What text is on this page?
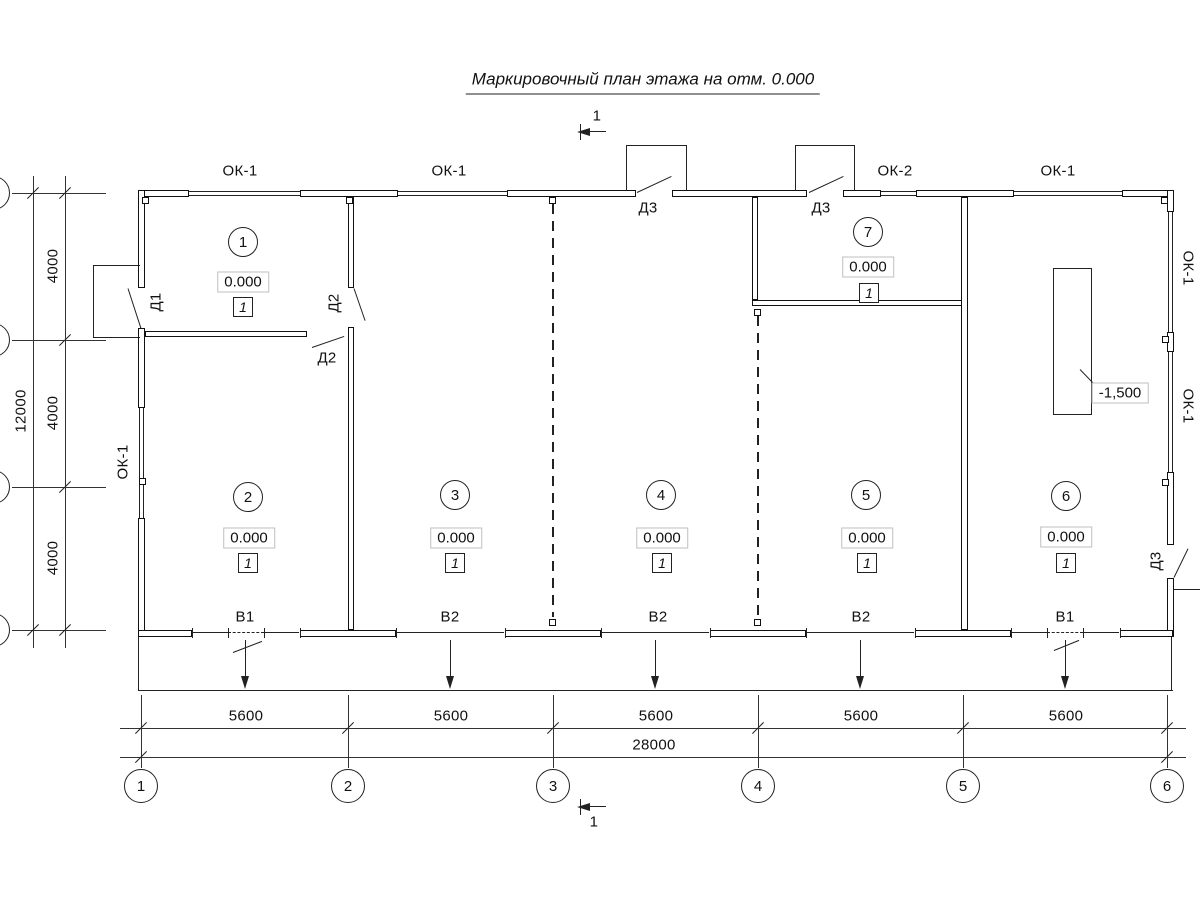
Маркировочный план этажа на отм. 0.000
1
1
-1,500
ОК-1	ОК-1	ОК-2	ОК-1
ОК-1
ОК-1
ОК-1
Д1	Д2
Д2
Д3	Д3
Д3
В1	В2	В2	В2	В1
1
0.000
1
2
0.000
1
3
0.000
1
4
0.000
1
5
0.000
1
6
0.000
1
7
0.000
1
5600	5600	5600	5600	5600
28000
1	2	3	4	5	6
4000
4000
4000
12000
